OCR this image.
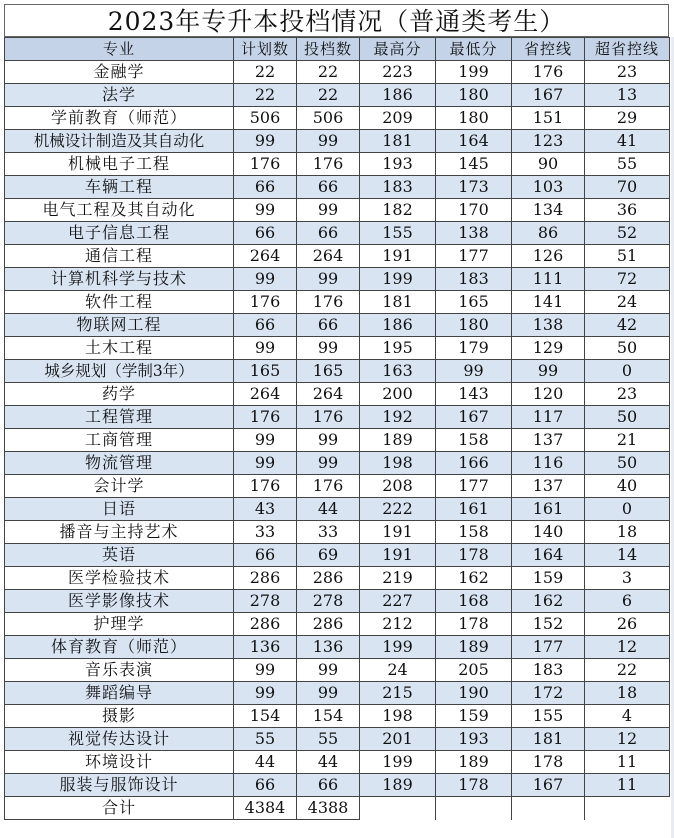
2023年专升本投档情况（普通类考生）
专业	计划数	投档数	最高分	最低分	省控线	超省控线
金融学	22	22	223	199	176	23
法学	22	22	186	180	167	13
学前教育（师范）	506	506	209	180	151	29
机械设计制造及其自动化	99	99	181	164	123	41
机械电子工程	176	176	193	145	90	55
车辆工程	66	66	183	173	103	70
电气工程及其自动化	99	99	182	170	134	36
电子信息工程	66	66	155	138	86	52
通信工程	264	264	191	177	126	51
计算机科学与技术	99	99	199	183	111	72
软件工程	176	176	181	165	141	24
物联网工程	66	66	186	180	138	42
土木工程	99	99	195	179	129	50
城乡规划（学制3年）	165	165	163	99	99	0
药学	264	264	200	143	120	23
工程管理	176	176	192	167	117	50
工商管理	99	99	189	158	137	21
物流管理	99	99	198	166	116	50
会计学	176	176	208	177	137	40
日语	43	44	222	161	161	0
播音与主持艺术	33	33	191	158	140	18
英语	66	69	191	178	164	14
医学检验技术	286	286	219	162	159	3
医学影像技术	278	278	227	168	162	6
护理学	286	286	212	178	152	26
体育教育（师范）	136	136	199	189	177	12
音乐表演	99	99	24	205	183	22
舞蹈编导	99	99	215	190	172	18
摄影	154	154	198	159	155	4
视觉传达设计	55	55	201	193	181	12
环境设计	44	44	199	189	178	11
服装与服饰设计	66	66	189	178	167	11
合计	4384	4388				
